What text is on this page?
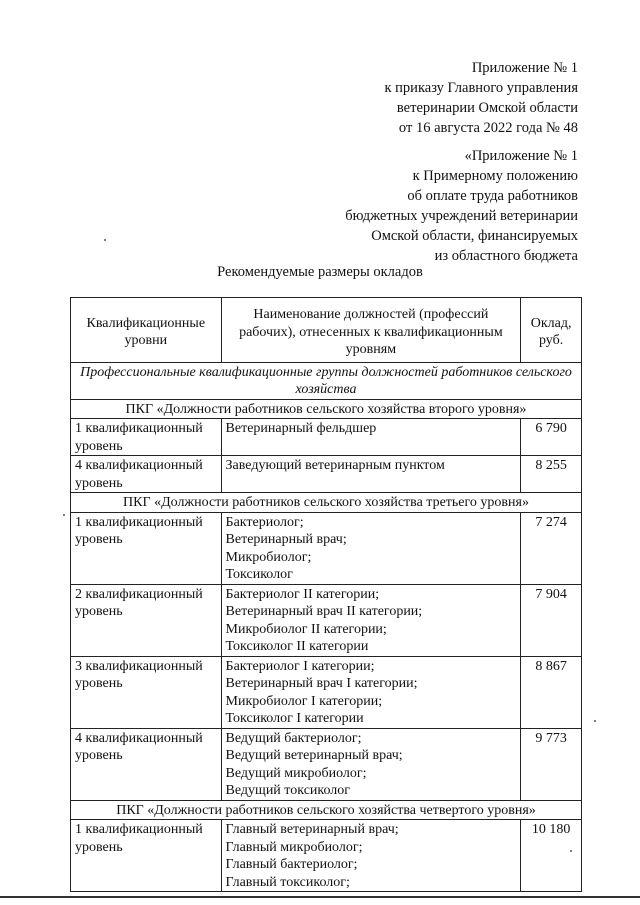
Приложение № 1
к приказу Главного управления
ветеринарии Омской области
от 16 августа 2022 года № 48
«Приложение № 1
к Примерному положению
об оплате труда работников
бюджетных учреждений ветеринарии
Омской области, финансируемых
из областного бюджета
Рекомендуемые размеры окладов
Квалификационные уровни	Наименование должностей (профессий рабочих), отнесенных к квалификационным уровням	Оклад, руб.
Профессиональные квалификационные группы должностей работников сельского хозяйства		
ПКГ «Должности работников сельского хозяйства второго уровня»		
1 квалификационный уровень	Ветеринарный фельдшер	6 790
4 квалификационный уровень	Заведующий ветеринарным пунктом	8 255
ПКГ «Должности работников сельского хозяйства третьего уровня»		
1 квалификационный уровень	Бактериолог;
Ветеринарный врач;
Микробиолог;
Токсиколог	7 274
2 квалификационный уровень	Бактериолог II категории;
Ветеринарный врач II категории;
Микробиолог II категории;
Токсиколог II категории	7 904
3 квалификационный уровень	Бактериолог I категории;
Ветеринарный врач I категории;
Микробиолог I категории;
Токсиколог I категории	8 867
4 квалификационный уровень	Ведущий бактериолог;
Ведущий ветеринарный врач;
Ведущий микробиолог;
Ведущий токсиколог	9 773
ПКГ «Должности работников сельского хозяйства четвертого уровня»		
1 квалификационный уровень	Главный ветеринарный врач;
Главный микробиолог;
Главный бактериолог;
Главный токсиколог;	10 180
